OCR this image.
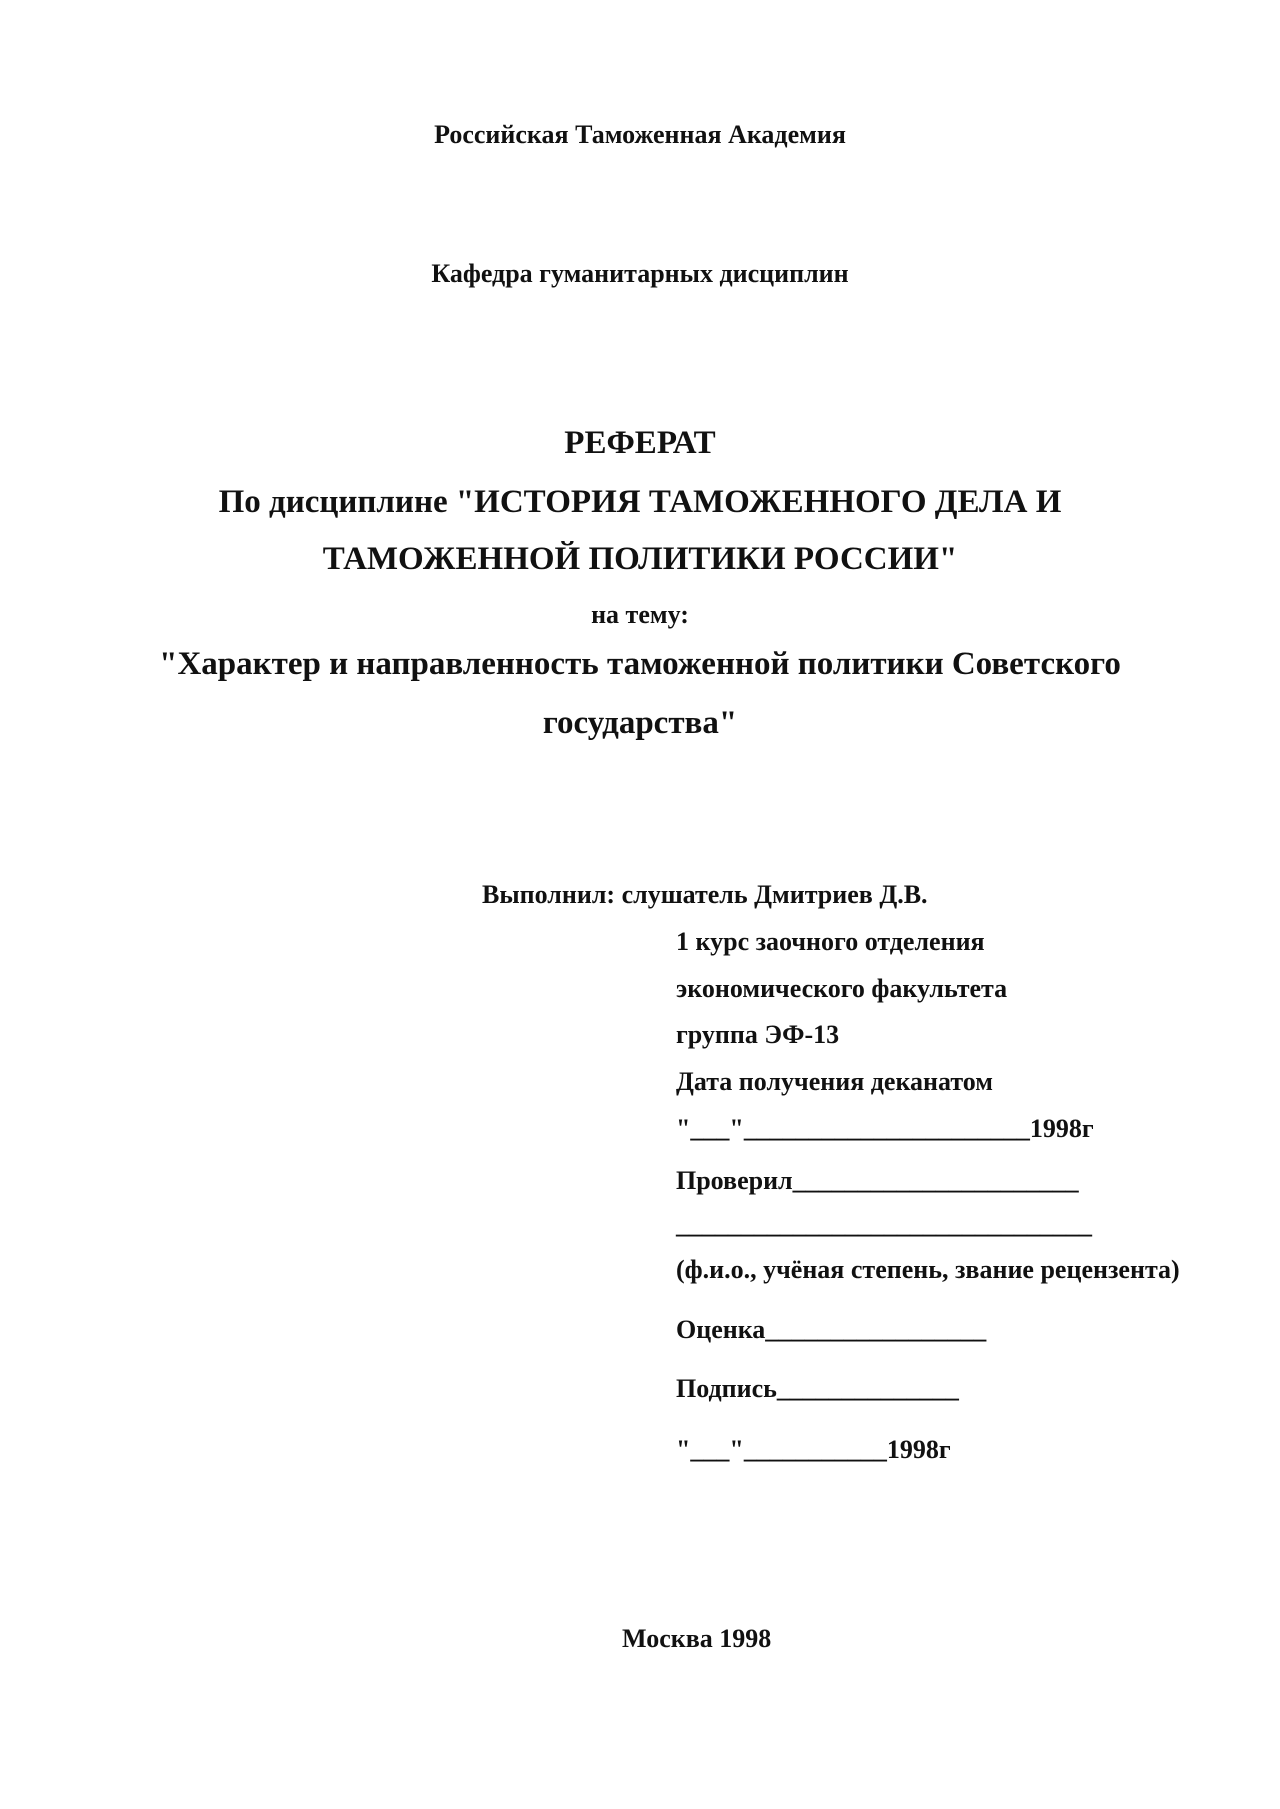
Российская Таможенная Академия
Кафедра гуманитарных дисциплин
РЕФЕРАТ
По дисциплине "ИСТОРИЯ ТАМОЖЕННОГО ДЕЛА И
ТАМОЖЕННОЙ ПОЛИТИКИ РОССИИ"
на тему:
"Характер и направленность таможенной политики Советского
государства"
Выполнил: слушатель Дмитриев Д.В.
1 курс заочного отделения
экономического факультета
группа ЭФ-13
Дата получения деканатом
"___"______________________1998г
Проверил______________________
________________________________
(ф.и.о., учёная степень, звание рецензента)
Оценка_________________
Подпись______________
"___"___________1998г
Москва 1998
